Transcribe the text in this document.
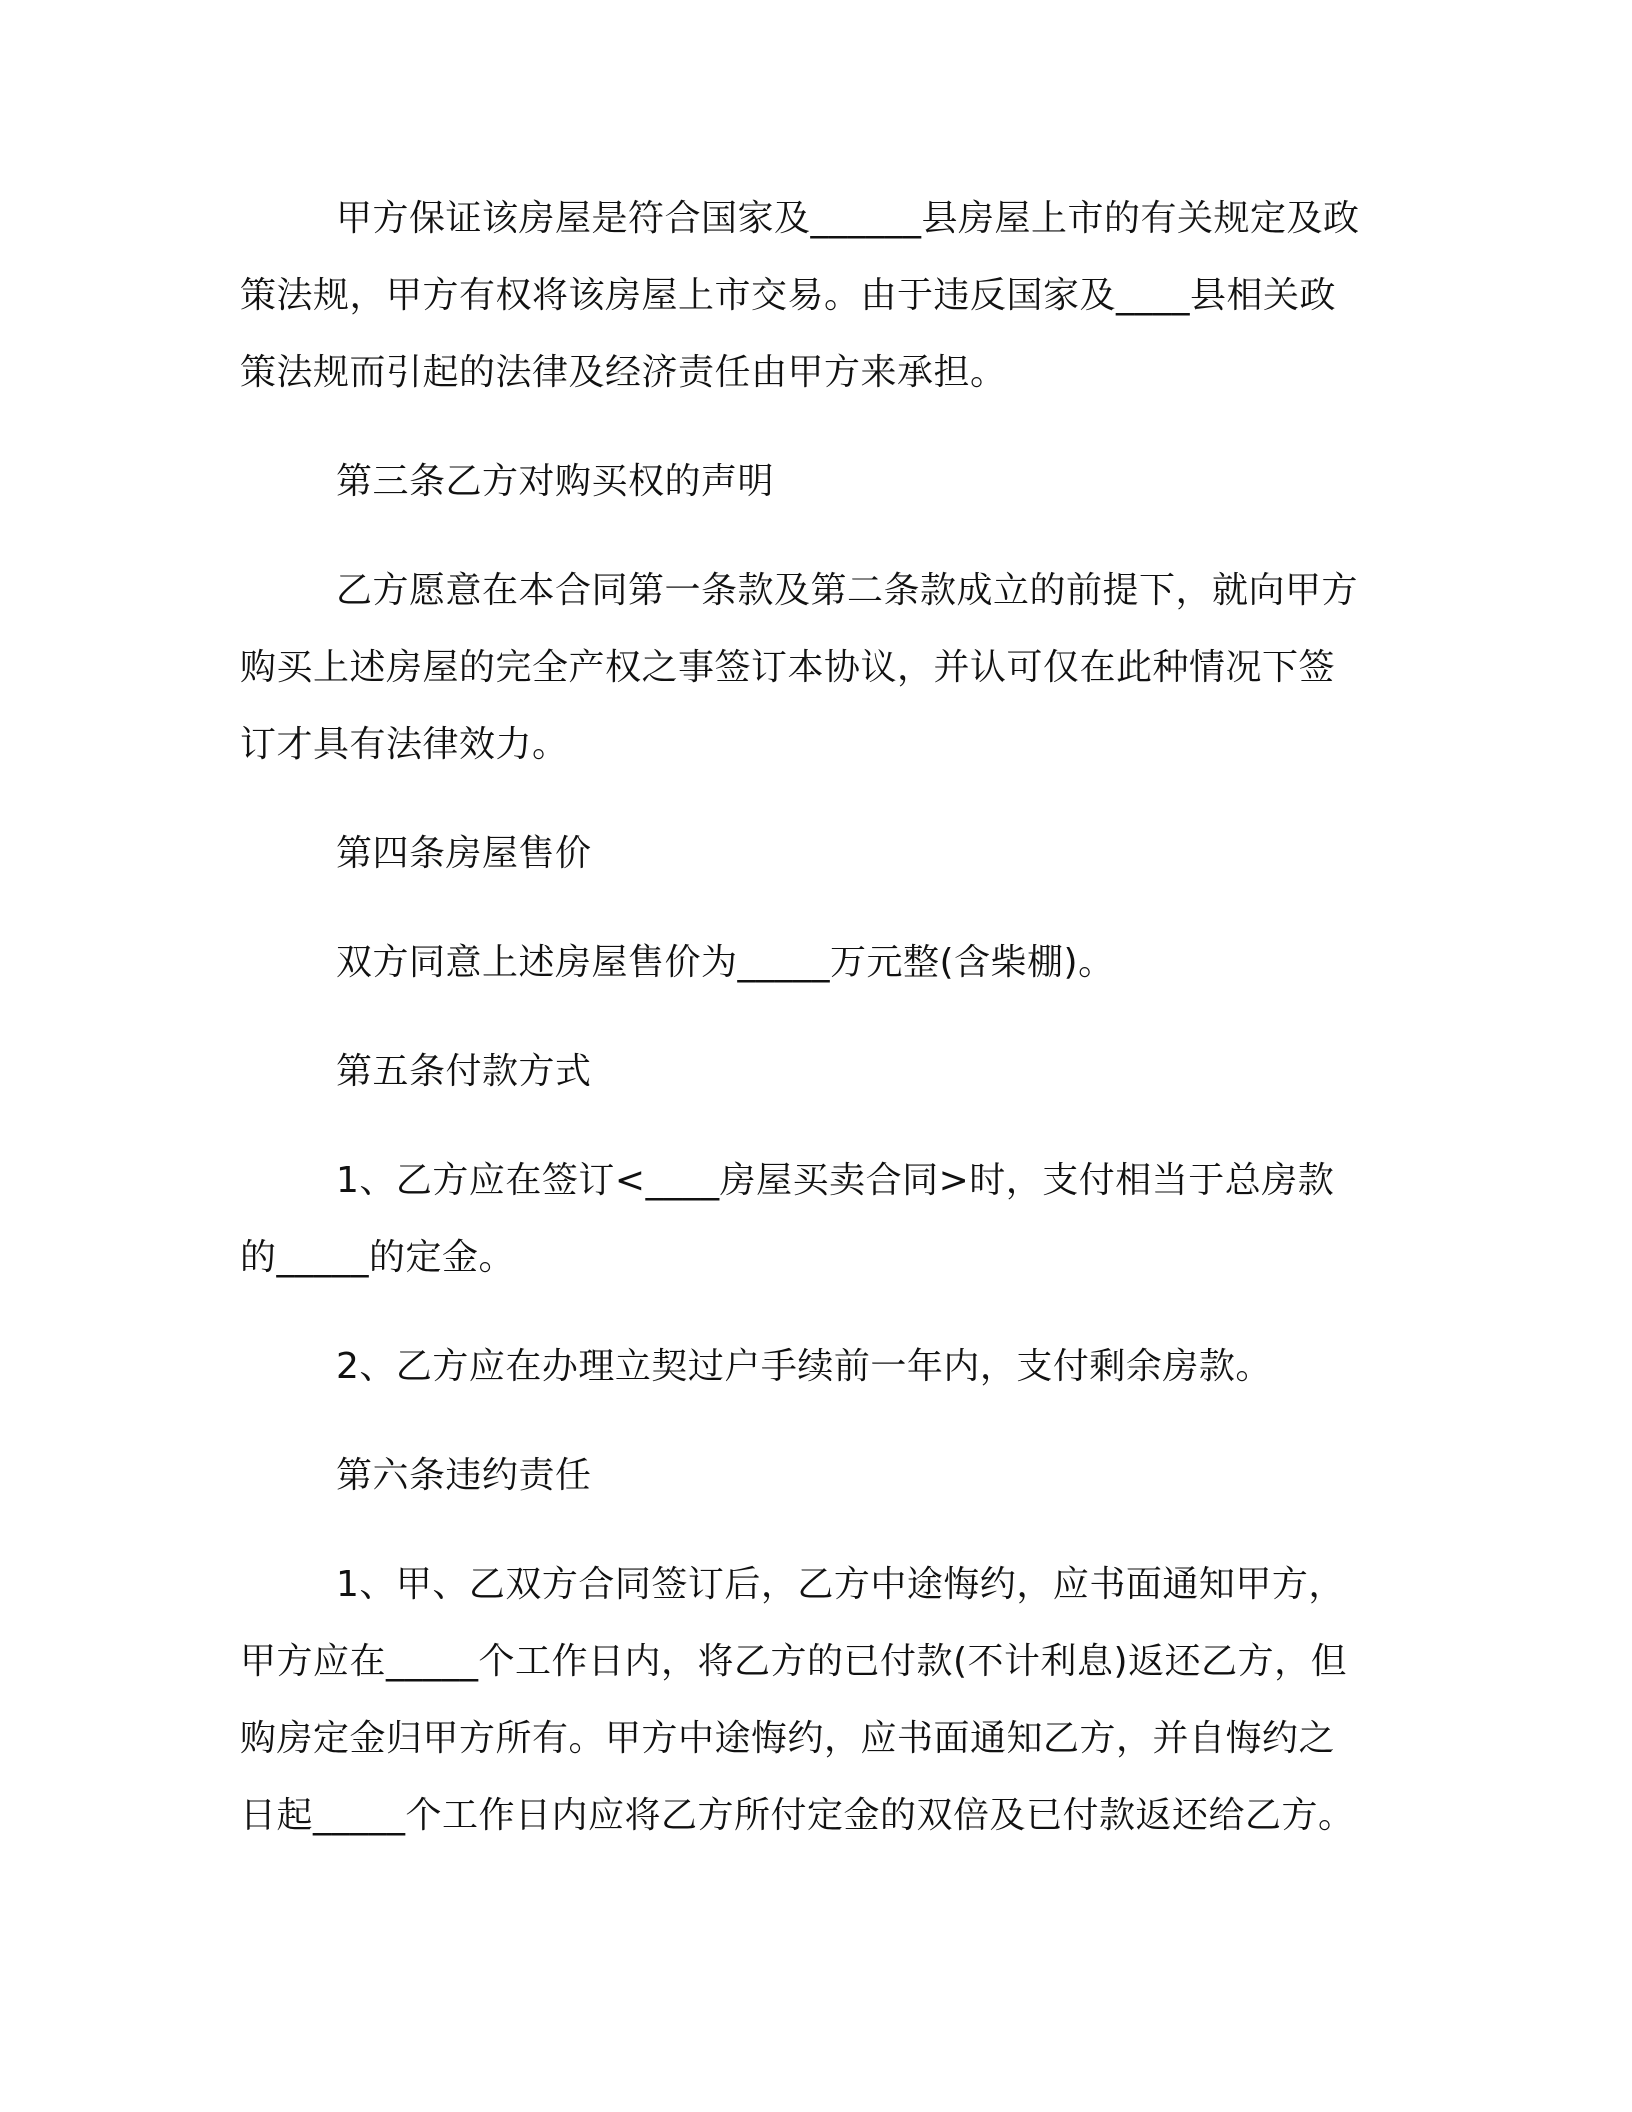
甲方保证该房屋是符合国家及______县房屋上市的有关规定及政策法规，甲方有权将该房屋上市交易。由于违反国家及____县相关政策法规而引起的法律及经济责任由甲方来承担。

第三条乙方对购买权的声明

乙方愿意在本合同第一条款及第二条款成立的前提下，就向甲方购买上述房屋的完全产权之事签订本协议，并认可仅在此种情况下签订才具有法律效力。

第四条房屋售价

双方同意上述房屋售价为_____万元整(含柴棚)。

第五条付款方式

1、乙方应在签订<____房屋买卖合同>时，支付相当于总房款的_____的定金。

2、乙方应在办理立契过户手续前一年内，支付剩余房款。

第六条违约责任

1、甲、乙双方合同签订后，乙方中途悔约，应书面通知甲方，甲方应在_____个工作日内，将乙方的已付款(不计利息)返还乙方，但购房定金归甲方所有。甲方中途悔约，应书面通知乙方，并自悔约之日起_____个工作日内应将乙方所付定金的双倍及已付款返还给乙方。
